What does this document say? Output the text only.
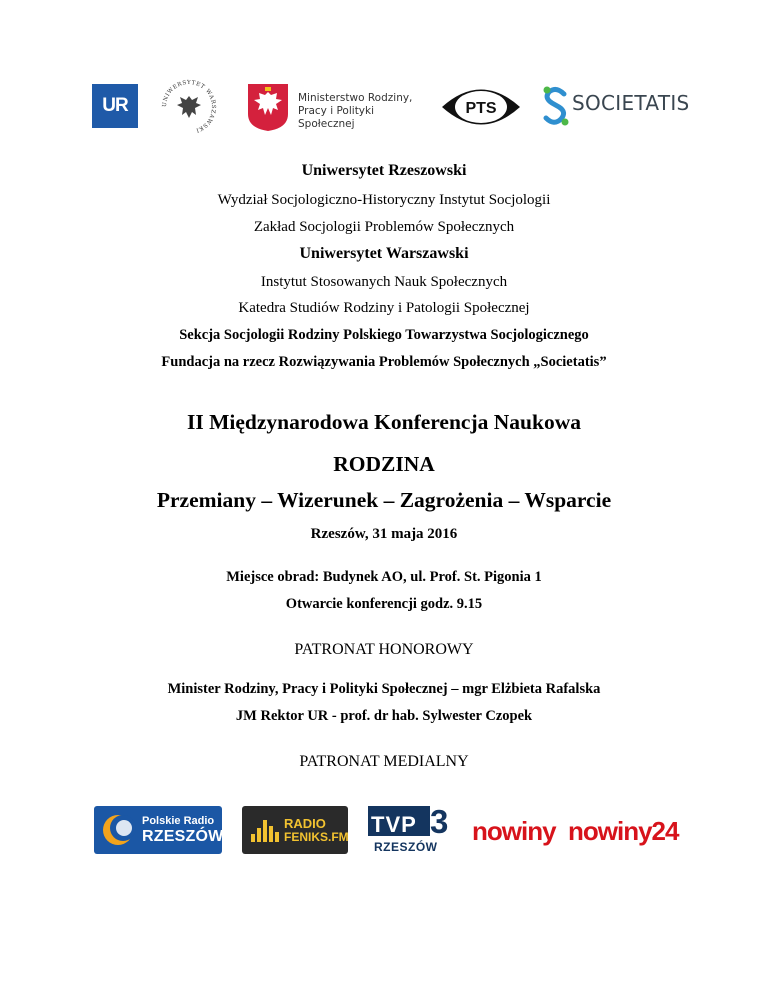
UR	UNIWERSYTET WARSZAWSKI
Ministerstwo Rodziny,
Pracy i Polityki Społecznej
PTS	SOCIETATIS
Uniwersytet Rzeszowski
Wydział Socjologiczno-Historyczny Instytut Socjologii
Zakład Socjologii Problemów Społecznych
Uniwersytet Warszawski
Instytut Stosowanych Nauk Społecznych
Katedra Studiów Rodziny i Patologii Społecznej
Sekcja Socjologii Rodziny Polskiego Towarzystwa Socjologicznego
Fundacja na rzecz Rozwiązywania Problemów Społecznych „Societatis”
II Międzynarodowa Konferencja Naukowa
RODZINA
Przemiany – Wizerunek – Zagrożenia – Wsparcie
Rzeszów, 31 maja 2016
Miejsce obrad: Budynek AO, ul. Prof. St. Pigonia 1
Otwarcie konferencji godz. 9.15
PATRONAT HONOROWY
Minister Rodziny, Pracy i Polityki Społecznej – mgr Elżbieta Rafalska
JM Rektor UR - prof. dr hab. Sylwester Czopek
PATRONAT MEDIALNY
Polskie Radio
RZESZÓW
RADIO
FENIKS.FM TVP 3
RZESZÓW
nowiny nowiny24
